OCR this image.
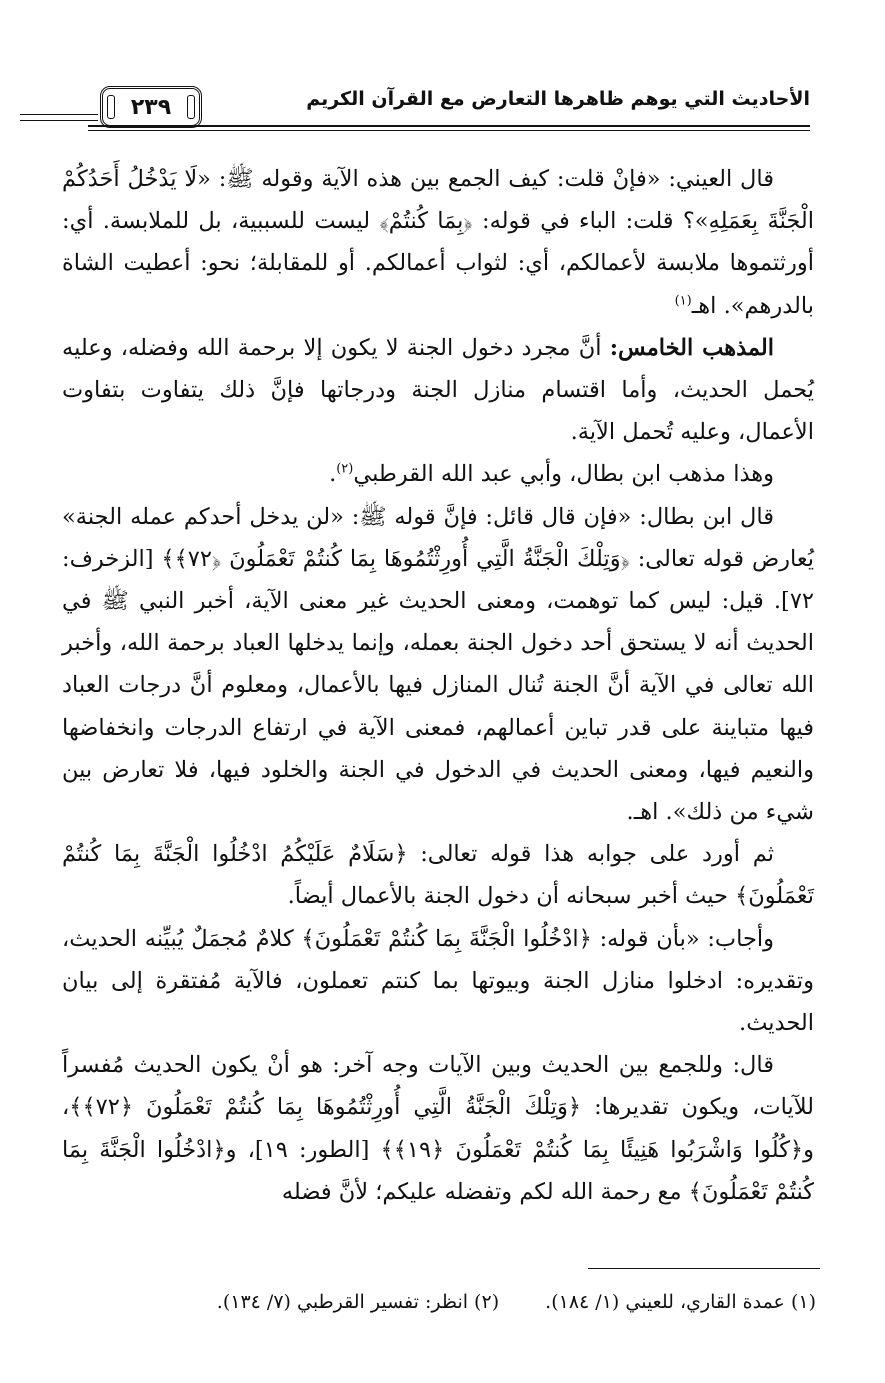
٢٣٩	الأحاديث التي يوهم ظاهرها التعارض مع القرآن الكريم

قال العيني: «فإنْ قلت: كيف الجمع بين هذه الآية وقوله ﷺ: «لَا يَدْخُلُ أَحَدُكُمْ الْجَنَّةَ بِعَمَلِهِ»؟ قلت: الباء في قوله: ﴿بِمَا كُنتُمْ﴾ ليست للسببية، بل للملابسة. أي: أورثتموها ملابسة لأعمالكم، أي: لثواب أعمالكم. أو للمقابلة؛ نحو: أعطيت الشاة بالدرهم». اهـ$^{(١)}$

المذهب الخامس: أنَّ مجرد دخول الجنة لا يكون إلا برحمة الله وفضله، وعليه يُحمل الحديث، وأما اقتسام منازل الجنة ودرجاتها فإنَّ ذلك يتفاوت بتفاوت الأعمال، وعليه تُحمل الآية.

وهذا مذهب ابن بطال، وأبي عبد الله القرطبي$^{(٢)}$.

قال ابن بطال: «فإن قال قائل: فإنَّ قوله ﷺ: «لن يدخل أحدكم عمله الجنة» يُعارض قوله تعالى: ﴿وَتِلْكَ الْجَنَّةُ الَّتِي أُورِثْتُمُوهَا بِمَا كُنتُمْ تَعْمَلُونَ ﴿٧٢﴾﴾ [الزخرف: ٧٢]. قيل: ليس كما توهمت، ومعنى الحديث غير معنى الآية، أخبر النبي ﷺ في الحديث أنه لا يستحق أحد دخول الجنة بعمله، وإنما يدخلها العباد برحمة الله، وأخبر الله تعالى في الآية أنَّ الجنة تُنال المنازل فيها بالأعمال، ومعلوم أنَّ درجات العباد فيها متباينة على قدر تباين أعمالهم، فمعنى الآية في ارتفاع الدرجات وانخفاضها والنعيم فيها، ومعنى الحديث في الدخول في الجنة والخلود فيها، فلا تعارض بين شيء من ذلك». اهـ.

ثم أورد على جوابه هذا قوله تعالى: ﴿سَلَامٌ عَلَيْكُمُ ادْخُلُوا الْجَنَّةَ بِمَا كُنتُمْ تَعْمَلُونَ﴾ حيث أخبر سبحانه أن دخول الجنة بالأعمال أيضاً.

وأجاب: «بأن قوله: ﴿ادْخُلُوا الْجَنَّةَ بِمَا كُنتُمْ تَعْمَلُونَ﴾ كلامٌ مُجمَلٌ يُبيِّنه الحديث، وتقديره: ادخلوا منازل الجنة وبيوتها بما كنتم تعملون، فالآية مُفتقرة إلى بيان الحديث.

قال: وللجمع بين الحديث وبين الآيات وجه آخر: هو أنْ يكون الحديث مُفسراً للآيات، ويكون تقديرها: ﴿وَتِلْكَ الْجَنَّةُ الَّتِي أُورِثْتُمُوهَا بِمَا كُنتُمْ تَعْمَلُونَ ﴿٧٢﴾﴾، و﴿كُلُوا وَاشْرَبُوا هَنِيئًا بِمَا كُنتُمْ تَعْمَلُونَ ﴿١٩﴾﴾ [الطور: ١٩]، و﴿ادْخُلُوا الْجَنَّةَ بِمَا كُنتُمْ تَعْمَلُونَ﴾ مع رحمة الله لكم وتفضله عليكم؛ لأنَّ فضله

(١) عمدة القاري، للعيني (١/ ١٨٤). (٢) انظر: تفسير القرطبي (٧/ ١٣٤).
